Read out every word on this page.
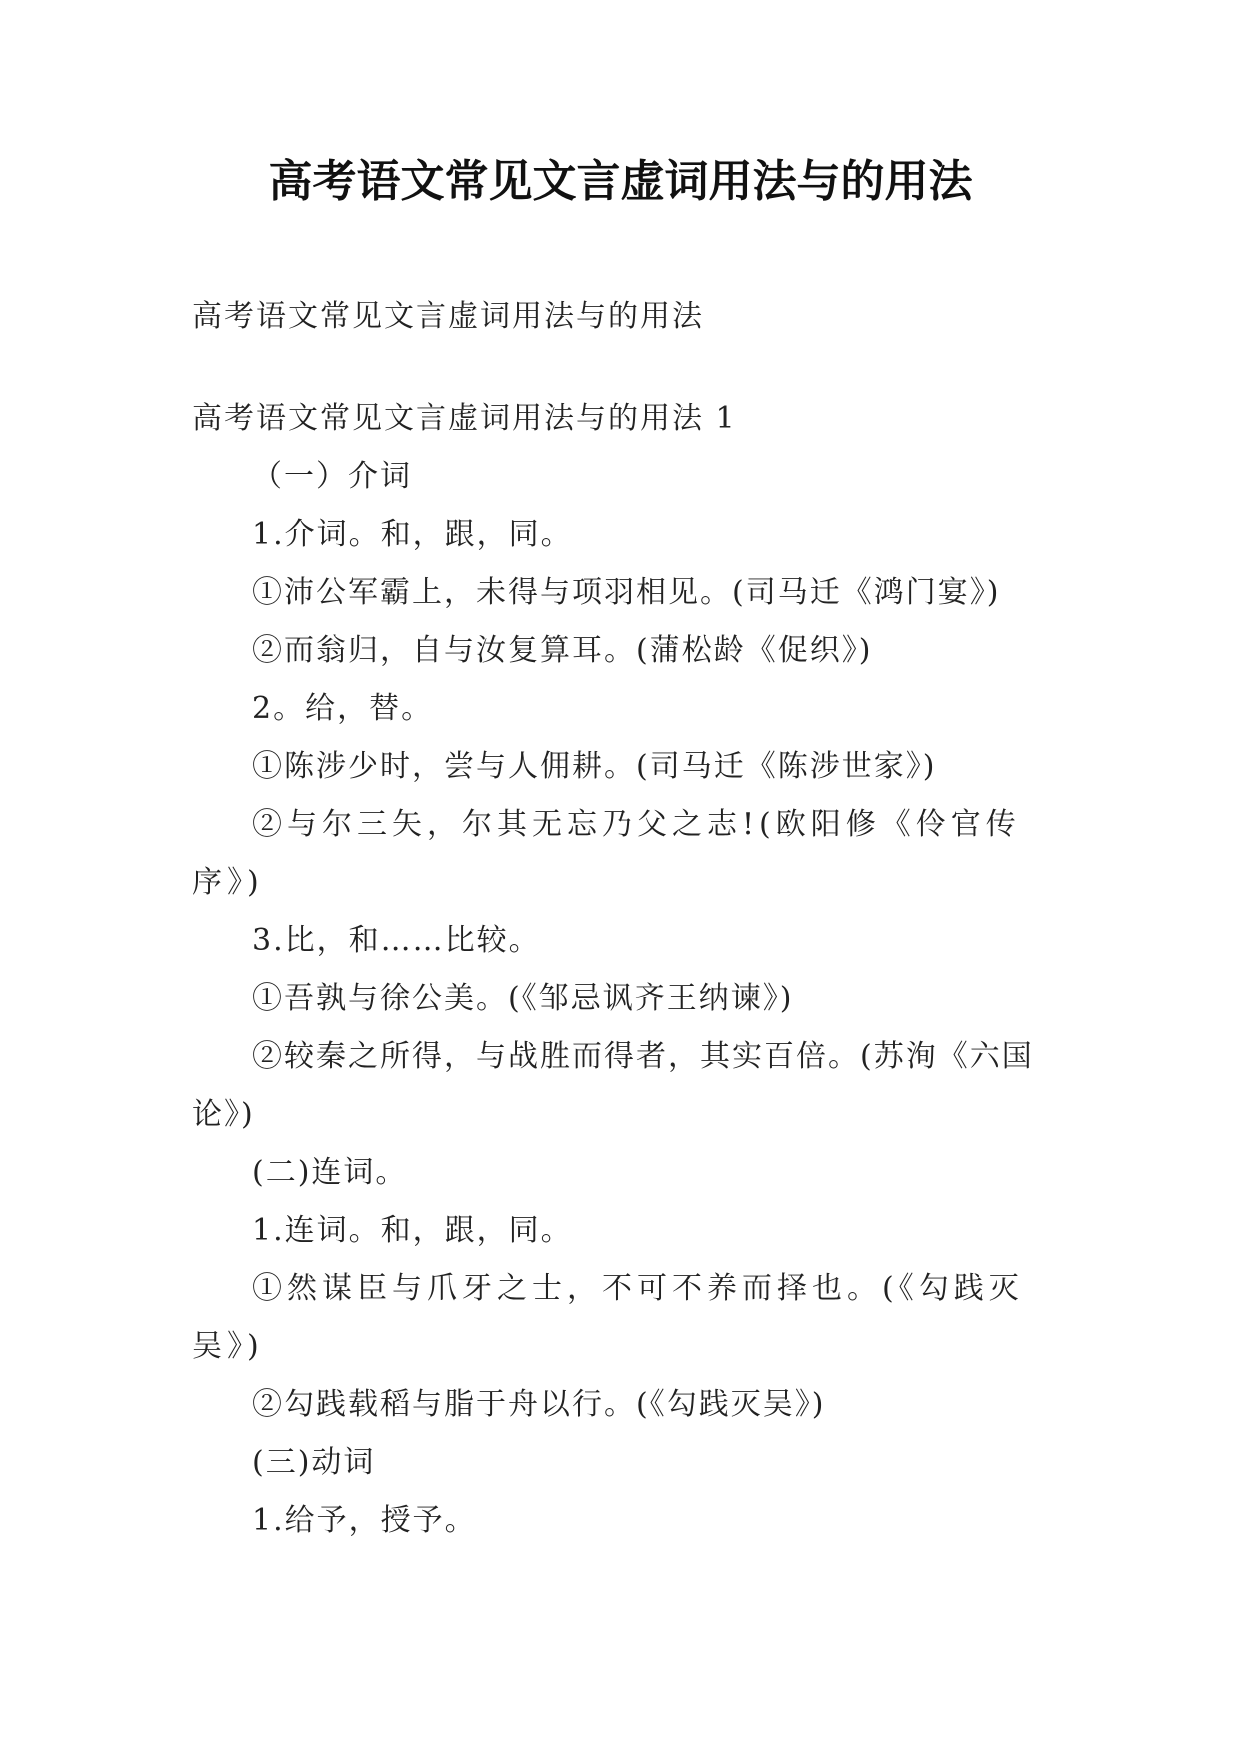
高考语文常见文言虚词用法与的用法

高考语文常见文言虚词用法与的用法

高考语文常见文言虚词用法与的用法 1

（一）介词

1.介词。和，跟，同。

①沛公军霸上，未得与项羽相见。(司马迁《鸿门宴》)

②而翁归，自与汝复算耳。(蒲松龄《促织》)

2。给，替。

①陈涉少时，尝与人佣耕。(司马迁《陈涉世家》)

②与尔三矢，尔其无忘乃父之志!(欧阳修《伶官传序》)

3.比，和……比较。

①吾孰与徐公美。(《邹忌讽齐王纳谏》)

②较秦之所得，与战胜而得者，其实百倍。(苏洵《六国论》)

(二)连词。

1.连词。和，跟，同。

①然谋臣与爪牙之士，不可不养而择也。(《勾践灭吴》)

②勾践载稻与脂于舟以行。(《勾践灭吴》)

(三)动词

1.给予，授予。
